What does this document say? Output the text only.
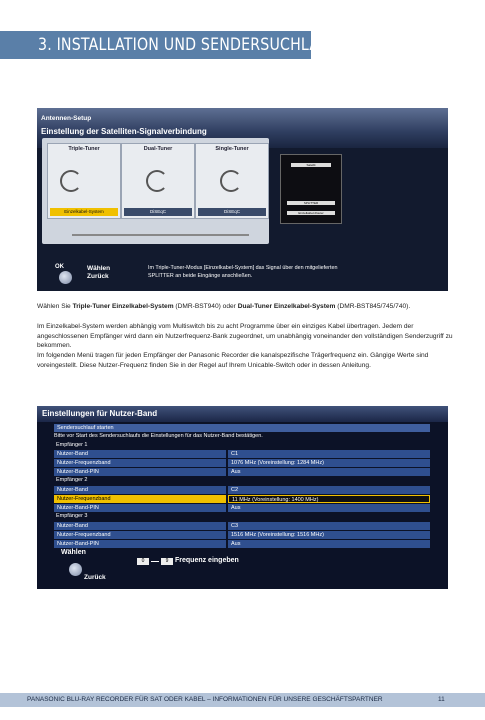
3. INSTALLATION UND SENDERSUCHLAUF
Antennen-Setup
Einstellung der Satelliten-Signalverbindung
Triple-Tuner
Einzelkabel-System
Dual-Tuner
DiSEqC
Single-Tuner
DiSEqC
Satellit
SPLITTER
Einzelkabel-Router
OK	Wählen
Zurück
Im Triple-Tuner-Modus [Einzelkabel-System] das Signal über den mitgelieferten SPLITTER an beide Eingänge anschließen.
Wählen Sie Triple-Tuner Einzelkabel-System (DMR-BST940) oder Dual-Tuner Einzelkabel-System (DMR-BST845/745/740).
Im Einzelkabel-System werden abhängig vom Multiswitch bis zu acht Programme über ein einziges Kabel übertragen. Jedem der angeschlossenen Empfänger wird dann ein Nutzerfrequenz-Bank zugeordnet, um unabhängig voneinander den vollständigen Senderzugriff zu bekommen.
Im folgenden Menü tragen für jeden Empfänger der Panasonic Recorder die kanalspezifische Trägerfrequenz ein. Gängige Werte sind voreingestellt. Diese Nutzer-Frequenz finden Sie in der Regel auf Ihrem Unicable-Switch oder in dessen Anleitung.
Einstellungen für Nutzer-Band
Sendersuchlauf starten
Bitte vor Start des Sendersuchlaufs die Einstellungen für das Nutzer-Band bestätigen.
Empfänger 1
Nutzer-Band	C1
Nutzer-Frequenzband	1076 MHz (Voreinstellung: 1284 MHz)
Nutzer-Band-PIN	Aus
Empfänger 2
Nutzer-Band	C2
Nutzer-Frequenzband	11 MHz (Voreinstellung: 1400 MHz)
Nutzer-Band-PIN	Aus
Empfänger 3
Nutzer-Band	C3
Nutzer-Frequenzband	1516 MHz (Voreinstellung: 1516 MHz)
Nutzer-Band-PIN	Aus
Wählen
Zurück
0	9 Frequenz eingeben
PANASONIC BLU-RAY RECORDER FÜR SAT ODER KABEL – INFORMATIONEN FÜR UNSERE GESCHÄFTSPARTNER	11
